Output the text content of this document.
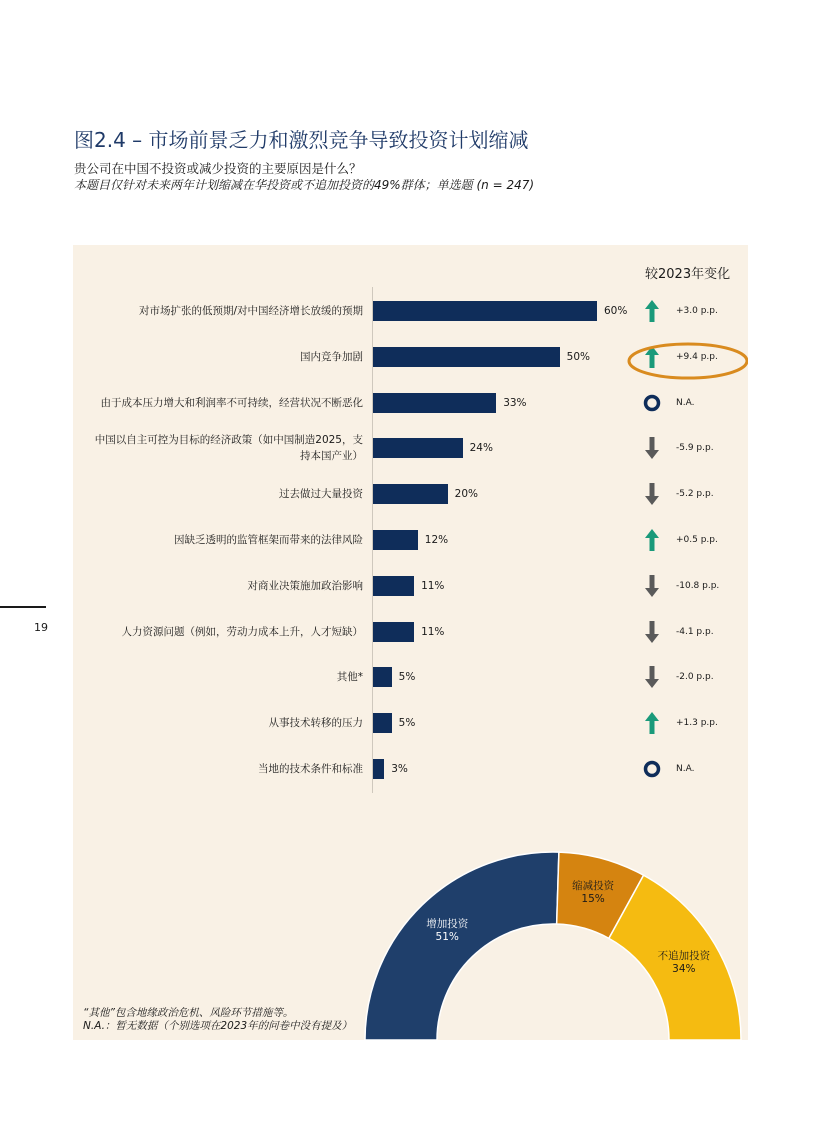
图2.4 – 市场前景乏力和激烈竞争导致投资计划缩减
贵公司在中国不投资或减少投资的主要原因是什么？
本题目仅针对未来两年计划缩减在华投资或不追加投资的49%群体；单选题 (n = 247)
19
较2023年变化
对市场扩张的低预期/对中国经济增长放缓的预期	60%	+3.0 p.p.
国内竞争加剧	50%	+9.4 p.p.
由于成本压力增大和利润率不可持续，经营状况不断恶化	33%	N.A.
中国以自主可控为目标的经济政策（如中国制造2025，支持本国产业）
24%	-5.9 p.p.
过去做过大量投资	20%	-5.2 p.p.
因缺乏透明的监管框架而带来的法律风险	12%	+0.5 p.p.
对商业决策施加政治影响	11%	-10.8 p.p.
人力资源问题（例如，劳动力成本上升，人才短缺）	11%	-4.1 p.p.
其他*	5%	-2.0 p.p.
从事技术转移的压力	5%	+1.3 p.p.
当地的技术条件和标准	3%	N.A.
增加投资
51%
缩减投资
15%
不追加投资
34%
“其他”包含地缘政治危机、风险环节措施等。
N.A.：暂无数据（个别选项在2023年的问卷中没有提及）
